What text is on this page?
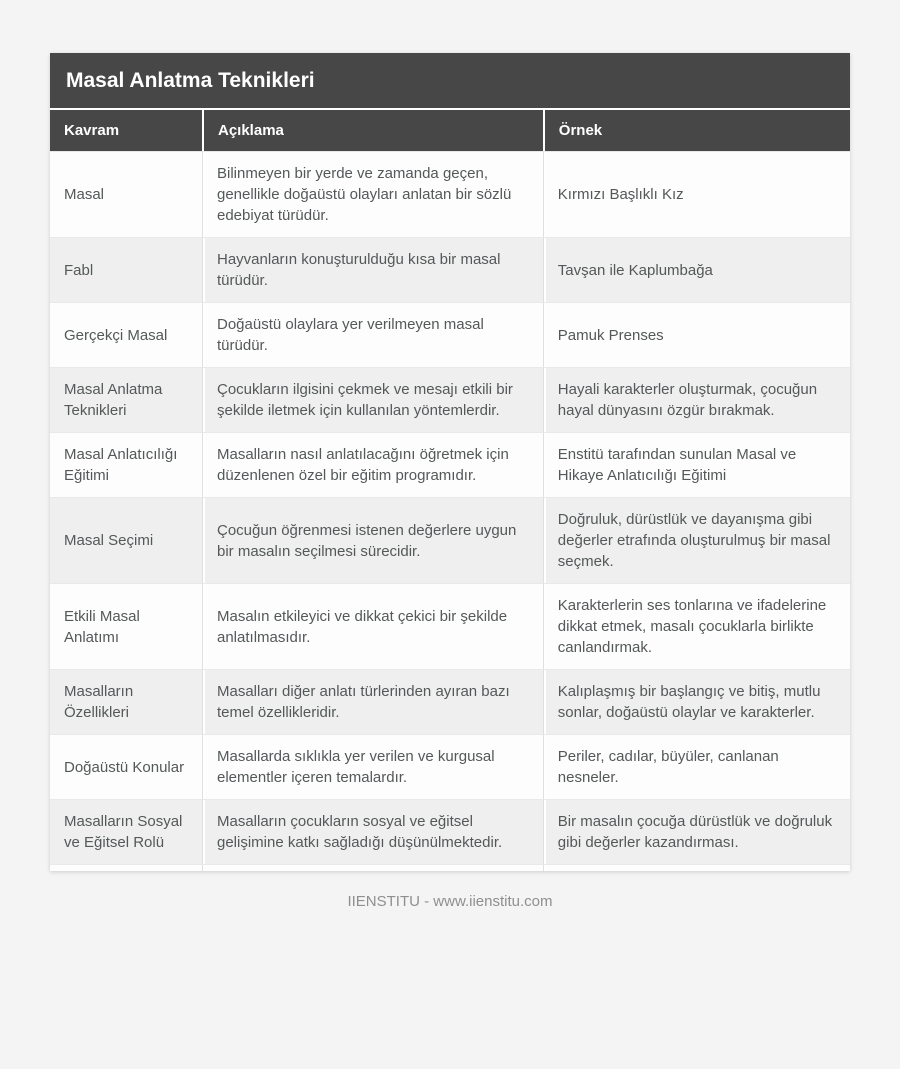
Masal Anlatma Teknikleri
Kavram	Açıklama	Örnek
Masal	Bilinmeyen bir yerde ve zamanda geçen, genellikle doğaüstü olayları anlatan bir sözlü edebiyat türüdür.	Kırmızı Başlıklı Kız
Fabl	Hayvanların konuşturulduğu kısa bir masal türüdür.	Tavşan ile Kaplumbağa
Gerçekçi Masal	Doğaüstü olaylara yer verilmeyen masal türüdür.	Pamuk Prenses
Masal Anlatma Teknikleri	Çocukların ilgisini çekmek ve mesajı etkili bir şekilde iletmek için kullanılan yöntemlerdir.	Hayali karakterler oluşturmak, çocuğun hayal dünyasını özgür bırakmak.
Masal Anlatıcılığı Eğitimi	Masalların nasıl anlatılacağını öğretmek için düzenlenen özel bir eğitim programıdır.	Enstitü tarafından sunulan Masal ve Hikaye Anlatıcılığı Eğitimi
Masal Seçimi	Çocuğun öğrenmesi istenen değerlere uygun bir masalın seçilmesi sürecidir.	Doğruluk, dürüstlük ve dayanışma gibi değerler etrafında oluşturulmuş bir masal seçmek.
Etkili Masal Anlatımı	Masalın etkileyici ve dikkat çekici bir şekilde anlatılmasıdır.	Karakterlerin ses tonlarına ve ifadelerine dikkat etmek, masalı çocuklarla birlikte canlandırmak.
Masalların Özellikleri	Masalları diğer anlatı türlerinden ayıran bazı temel özellikleridir.	Kalıplaşmış bir başlangıç ve bitiş, mutlu sonlar, doğaüstü olaylar ve karakterler.
Doğaüstü Konular	Masallarda sıklıkla yer verilen ve kurgusal elementler içeren temalardır.	Periler, cadılar, büyüler, canlanan nesneler.
Masalların Sosyal ve Eğitsel Rolü	Masalların çocukların sosyal ve eğitsel gelişimine katkı sağladığı düşünülmektedir.	Bir masalın çocuğa dürüstlük ve doğruluk gibi değerler kazandırması.

IIENSTITU - www.iienstitu.com
